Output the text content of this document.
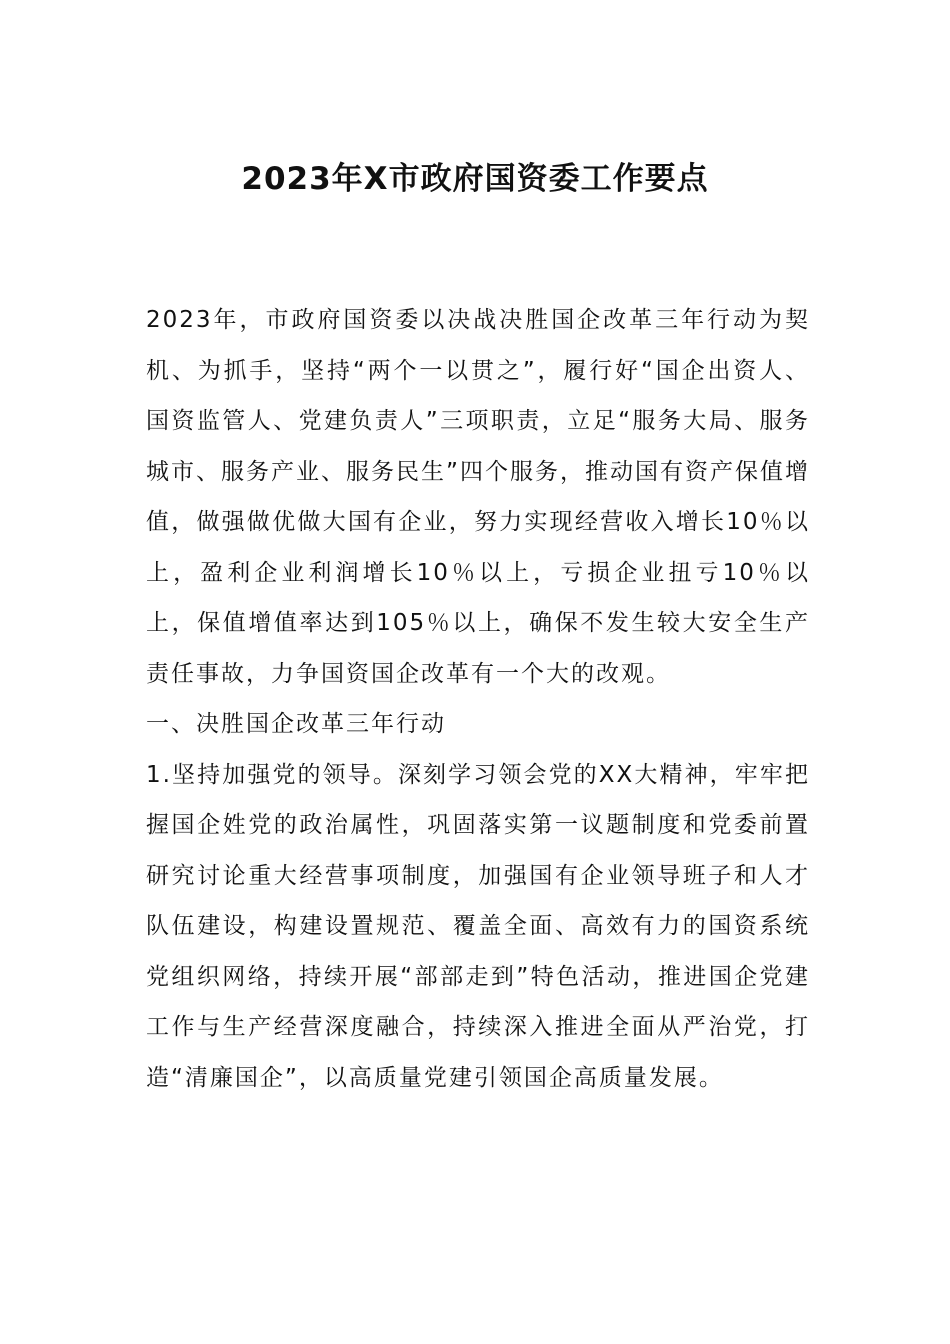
2023年X市政府国资委工作要点

2023年，市政府国资委以决战决胜国企改革三年行动为契机、为抓手，坚持“两个一以贯之”，履行好“国企出资人、国资监管人、党建负责人”三项职责，立足“服务大局、服务城市、服务产业、服务民生”四个服务，推动国有资产保值增值，做强做优做大国有企业，努力实现经营收入增长10％以上，盈利企业利润增长10％以上，亏损企业扭亏10％以上，保值增值率达到105％以上，确保不发生较大安全生产责任事故，力争国资国企改革有一个大的改观。

一、决胜国企改革三年行动

1.坚持加强党的领导。深刻学习领会党的XX大精神，牢牢把握国企姓党的政治属性，巩固落实第一议题制度和党委前置研究讨论重大经营事项制度，加强国有企业领导班子和人才队伍建设，构建设置规范、覆盖全面、高效有力的国资系统党组织网络，持续开展“部部走到”特色活动，推进国企党建工作与生产经营深度融合，持续深入推进全面从严治党，打造“清廉国企”，以高质量党建引领国企高质量发展。
